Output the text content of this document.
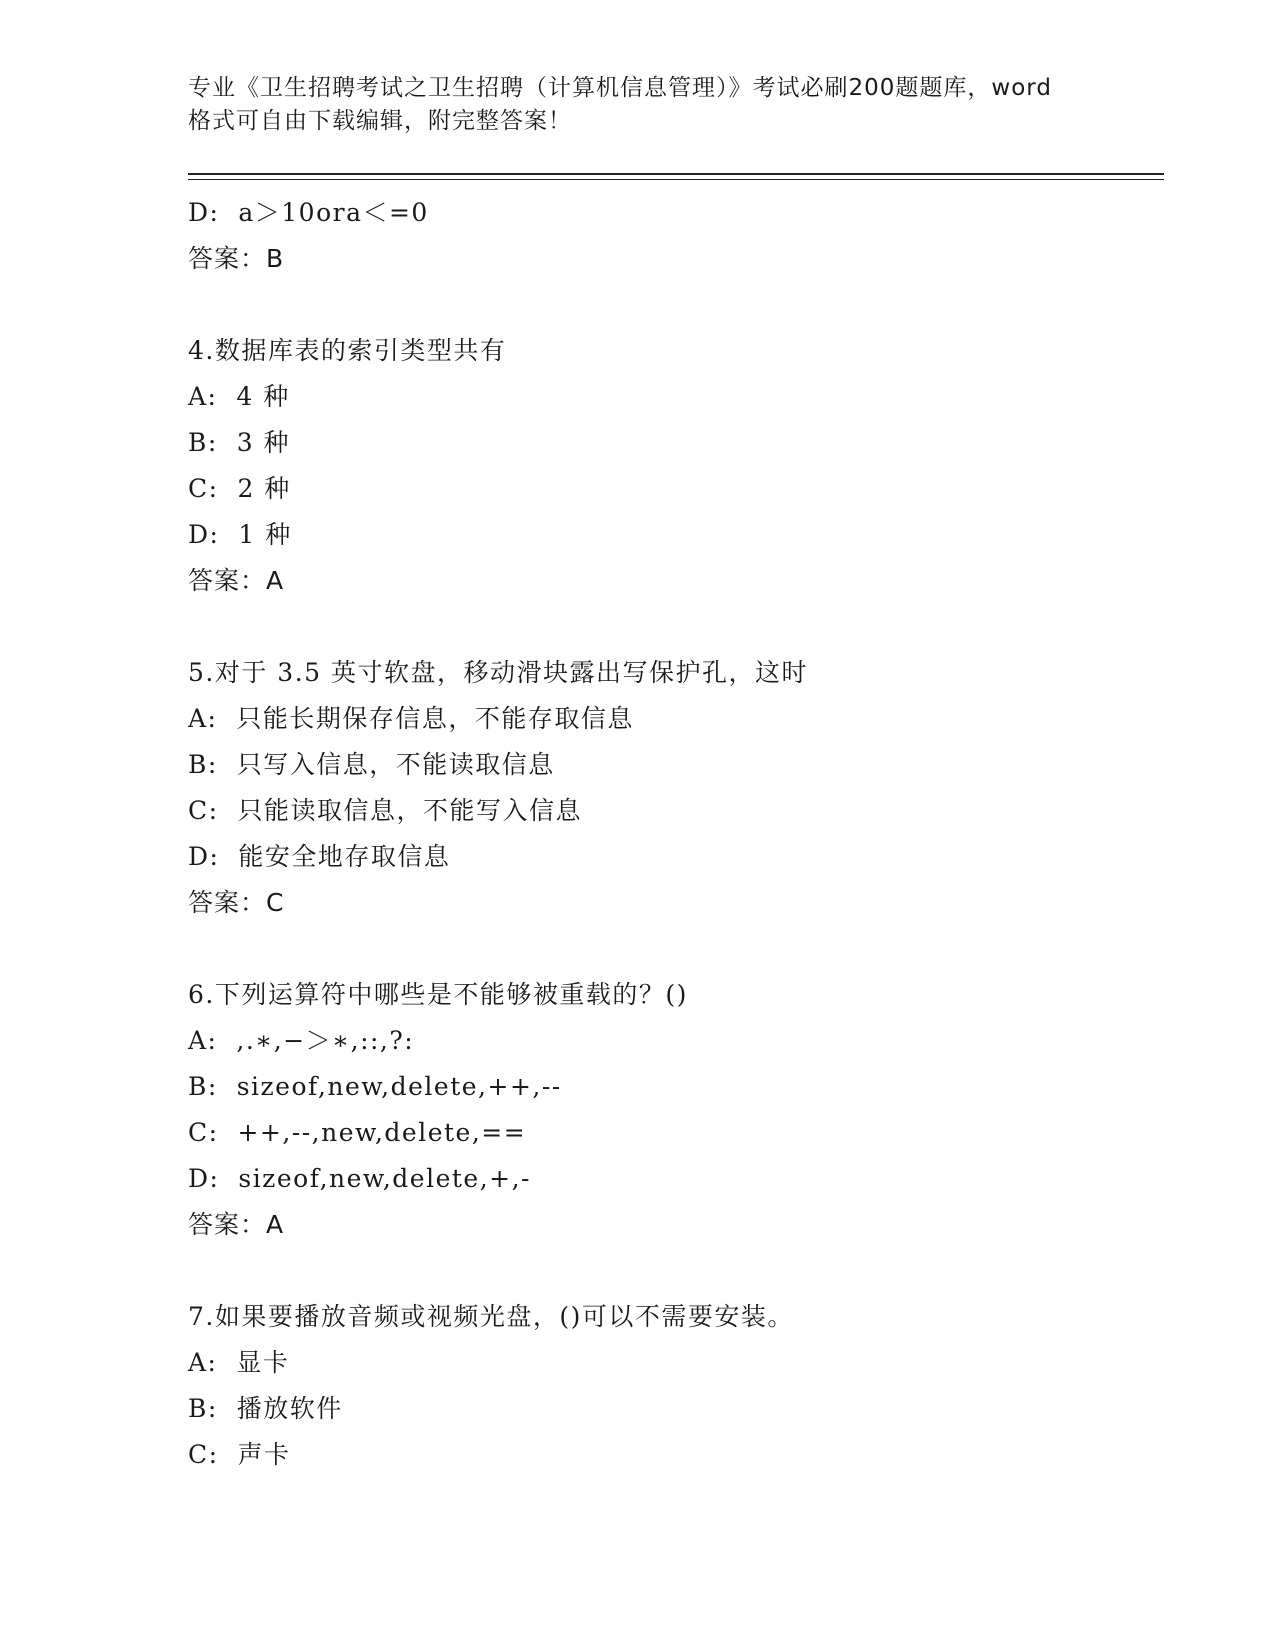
专业《卫生招聘考试之卫生招聘（计算机信息管理）》考试必刷200题题库，word
格式可自由下载编辑，附完整答案！
D:  a＞10ora＜=0
答案：B
4.数据库表的索引类型共有
A:  4 种
B:  3 种
C:  2 种
D:  1 种
答案：A
5.对于 3.5 英寸软盘，移动滑块露出写保护孔，这时
A:  只能长期保存信息，不能存取信息
B:  只写入信息，不能读取信息
C:  只能读取信息，不能写入信息
D:  能安全地存取信息
答案：C
6.下列运算符中哪些是不能够被重载的？()
A:  ,.∗,−＞∗,::,?:
B:  sizeof,new,delete,++,--
C:  ++,--,new,delete,==
D:  sizeof,new,delete,+,-
答案：A
7.如果要播放音频或视频光盘，()可以不需要安装。
A:  显卡
B:  播放软件
C:  声卡
